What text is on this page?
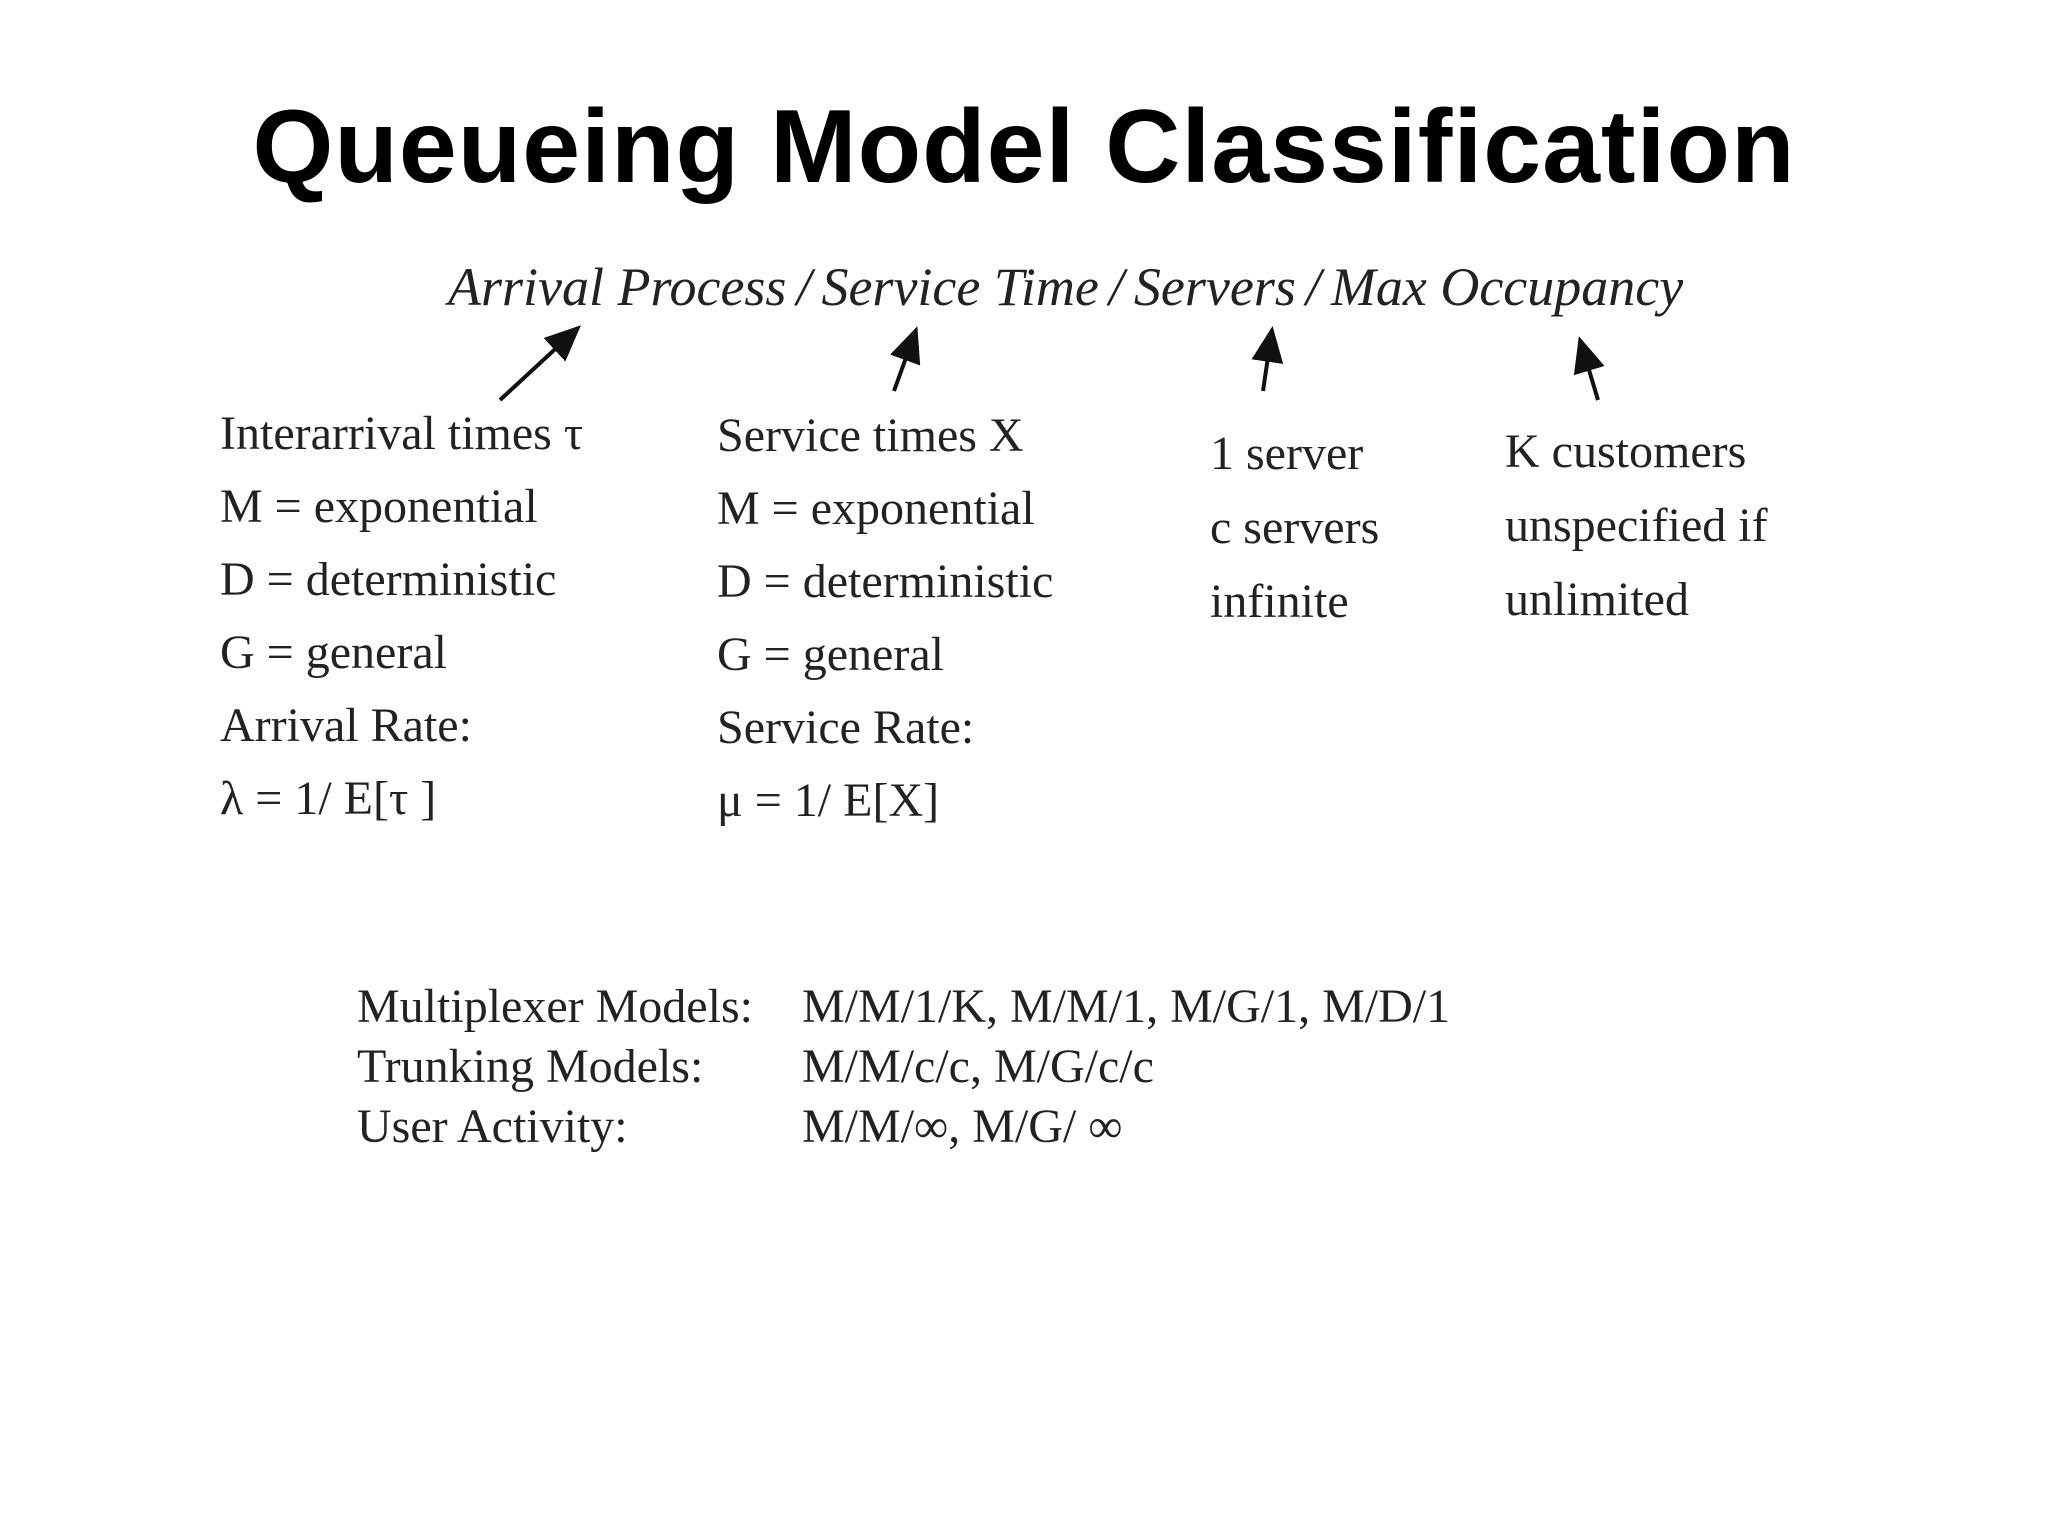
Queueing Model Classification
Arrival Process / Service Time / Servers / Max Occupancy
Interarrival times τ
M = exponential
D = deterministic
G = general
Arrival Rate:
λ = 1/ E[τ ]
Service times X
M = exponential
D = deterministic
G = general
Service Rate:
μ = 1/ E[X]
1 server
c servers
infinite
K customers
unspecified if
unlimited
Multiplexer Models:	M/M/1/K, M/M/1, M/G/1, M/D/1
Trunking Models:	M/M/c/c, M/G/c/c
User Activity:	M/M/∞, M/G/ ∞
